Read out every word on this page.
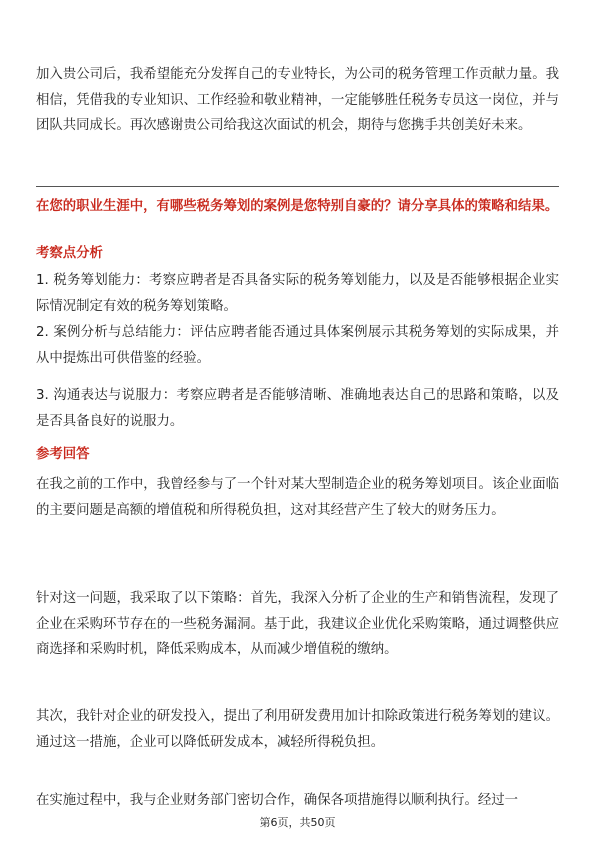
加入贵公司后，我希望能充分发挥自己的专业特长，为公司的税务管理工作贡献力量。我相信，凭借我的专业知识、工作经验和敬业精神，一定能够胜任税务专员这一岗位，并与团队共同成长。再次感谢贵公司给我这次面试的机会，期待与您携手共创美好未来。

在您的职业生涯中，有哪些税务筹划的案例是您特别自豪的？请分享具体的策略和结果。

考察点分析

1. 税务筹划能力：考察应聘者是否具备实际的税务筹划能力，以及是否能够根据企业实际情况制定有效的税务筹划策略。

2. 案例分析与总结能力：评估应聘者能否通过具体案例展示其税务筹划的实际成果，并从中提炼出可供借鉴的经验。

3. 沟通表达与说服力：考察应聘者是否能够清晰、准确地表达自己的思路和策略，以及是否具备良好的说服力。

参考回答

在我之前的工作中，我曾经参与了一个针对某大型制造企业的税务筹划项目。该企业面临的主要问题是高额的增值税和所得税负担，这对其经营产生了较大的财务压力。

针对这一问题，我采取了以下策略：首先，我深入分析了企业的生产和销售流程，发现了企业在采购环节存在的一些税务漏洞。基于此，我建议企业优化采购策略，通过调整供应商选择和采购时机，降低采购成本，从而减少增值税的缴纳。

其次，我针对企业的研发投入，提出了利用研发费用加计扣除政策进行税务筹划的建议。通过这一措施，企业可以降低研发成本，减轻所得税负担。

在实施过程中，我与企业财务部门密切合作，确保各项措施得以顺利执行。经过一

第6页，共50页
